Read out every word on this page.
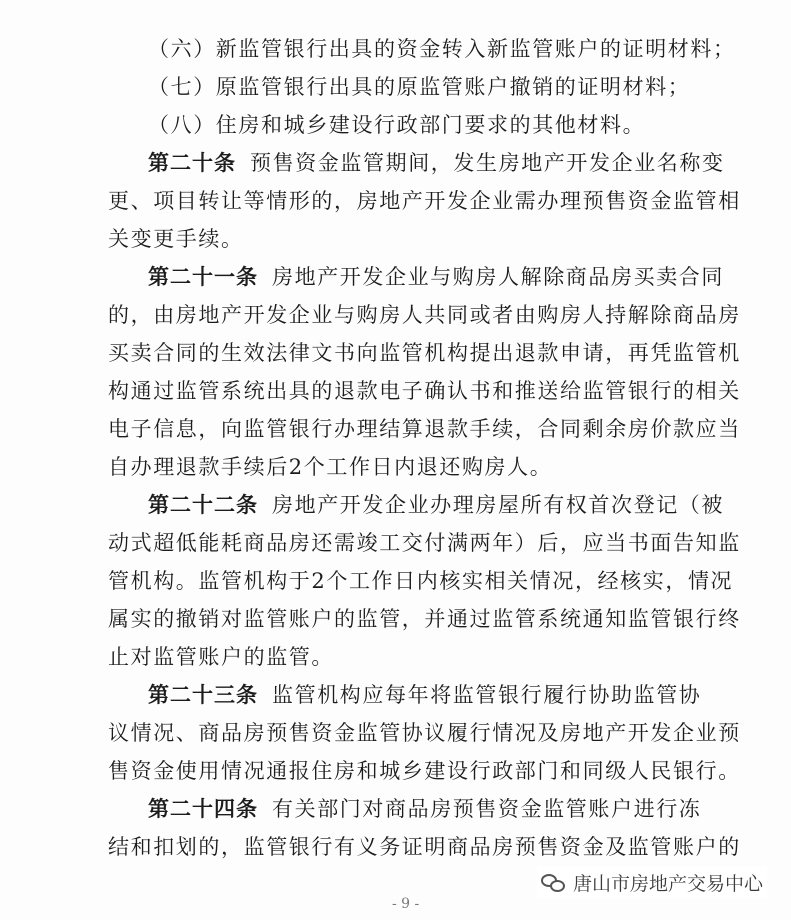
（六）新监管银行出具的资金转入新监管账户的证明材料；
（七）原监管银行出具的原监管账户撤销的证明材料；
（八）住房和城乡建设行政部门要求的其他材料。
第二十条 预售资金监管期间，发生房地产开发企业名称变
更、项目转让等情形的，房地产开发企业需办理预售资金监管相
关变更手续。
第二十一条 房地产开发企业与购房人解除商品房买卖合同
的，由房地产开发企业与购房人共同或者由购房人持解除商品房
买卖合同的生效法律文书向监管机构提出退款申请，再凭监管机
构通过监管系统出具的退款电子确认书和推送给监管银行的相关
电子信息，向监管银行办理结算退款手续，合同剩余房价款应当
自办理退款手续后2个工作日内退还购房人。
第二十二条 房地产开发企业办理房屋所有权首次登记（被
动式超低能耗商品房还需竣工交付满两年）后，应当书面告知监
管机构。监管机构于2个工作日内核实相关情况，经核实，情况
属实的撤销对监管账户的监管，并通过监管系统通知监管银行终
止对监管账户的监管。
第二十三条 监管机构应每年将监管银行履行协助监管协
议情况、商品房预售资金监管协议履行情况及房地产开发企业预
售资金使用情况通报住房和城乡建设行政部门和同级人民银行。
第二十四条 有关部门对商品房预售资金监管账户进行冻
结和扣划的，监管银行有义务证明商品房预售资金及监管账户的
- 9 -
唐山市房地产交易中心
